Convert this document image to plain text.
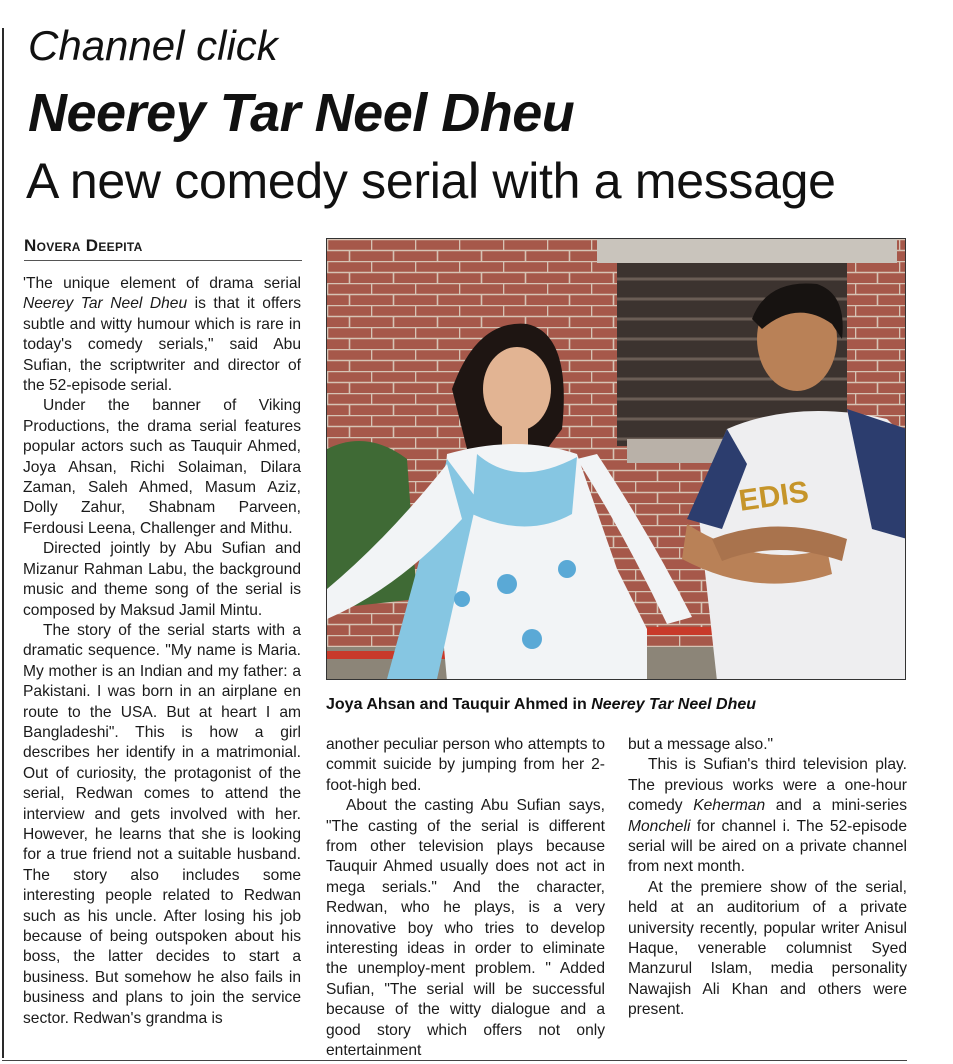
Channel click
Neerey Tar Neel Dheu
A new comedy serial with a message
Novera Deepita

'The unique element of drama serial Neerey Tar Neel Dheu is that it offers subtle and witty humour which is rare in today's comedy serials," said Abu Sufian, the scriptwriter and director of the 52-episode serial.

Under the banner of Viking Productions, the drama serial features popular actors such as Tauquir Ahmed, Joya Ahsan, Richi Solaiman, Dilara Zaman, Saleh Ahmed, Masum Aziz, Dolly Zahur, Shabnam Parveen, Ferdousi Leena, Challenger and Mithu.

Directed jointly by Abu Sufian and Mizanur Rahman Labu, the background music and theme song of the serial is composed by Maksud Jamil Mintu.

The story of the serial starts with a dramatic sequence. "My name is Maria. My mother is an Indian and my father: a Pakistani. I was born in an airplane en route to the USA. But at heart I am Bangladeshi". This is how a girl describes her identify in a matrimonial. Out of curiosity, the protagonist of the serial, Redwan comes to attend the interview and gets involved with her. However, he learns that she is looking for a true friend not a suitable husband. The story also includes some interesting people related to Redwan such as his uncle. After losing his job because of being outspoken about his boss, the latter decides to start a business. But somehow he also fails in business and plans to join the service sector. Redwan's grandma is

EDIS
Joya Ahsan and Tauquir Ahmed in Neerey Tar Neel Dheu

another peculiar person who attempts to commit suicide by jumping from her 2-foot-high bed.

About the casting Abu Sufian says, "The casting of the serial is different from other television plays because Tauquir Ahmed usually does not act in mega serials." And the character, Redwan, who he plays, is a very innovative boy who tries to develop interesting ideas in order to eliminate the unemploy-ment problem. " Added Sufian, "The serial will be successful because of the witty dialogue and a good story which offers not only entertainment

but a message also."

This is Sufian's third television play. The previous works were a one-hour comedy Keherman and a mini-series Moncheli for channel i. The 52-episode serial will be aired on a private channel from next month.

At the premiere show of the serial, held at an auditorium of a private university recently, popular writer Anisul Haque, venerable columnist Syed Manzurul Islam, media personality Nawajish Ali Khan and others were present.
